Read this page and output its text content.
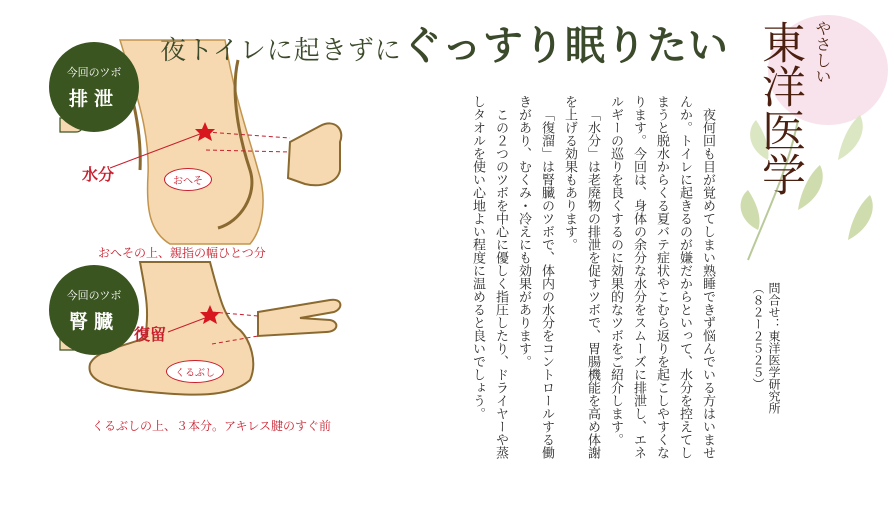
夜トイレに起きずにぐっすり眠りたい
今回のツボ
排泄
今回のツボ
腎臓
水分
復留
おへそ
くるぶし
おへその上、親指の幅ひとつ分
くるぶしの上、３本分。アキレス腱のすぐ前	夜何回も目が覚めてしまい熟睡できず悩んでいる方はいませんか。トイレに起きるのが嫌だからといって、水分を控えてしまうと脱水からくる夏バテ症状やこむら返りを起こしやすくなります。今回は、身体の余分な水分をスムーズに排泄し、エネルギーの巡りを良くするのに効果的なツボをご紹介します。

「水分」は老廃物の排泄を促すツボで、胃腸機能を高め体謝を上げる効果もあります。

「復溜」は腎臓のツボで、体内の水分をコントロールする働きがあり、むくみ・冷えにも効果があります。

この２つのツボを中心に優しく指圧したり、ドライヤーや蒸しタオルを使い心地よい程度に温めると良いでしょう。

やさしい
東洋医学
問合せ：東洋医学研究所
（８２ー２５２５）
